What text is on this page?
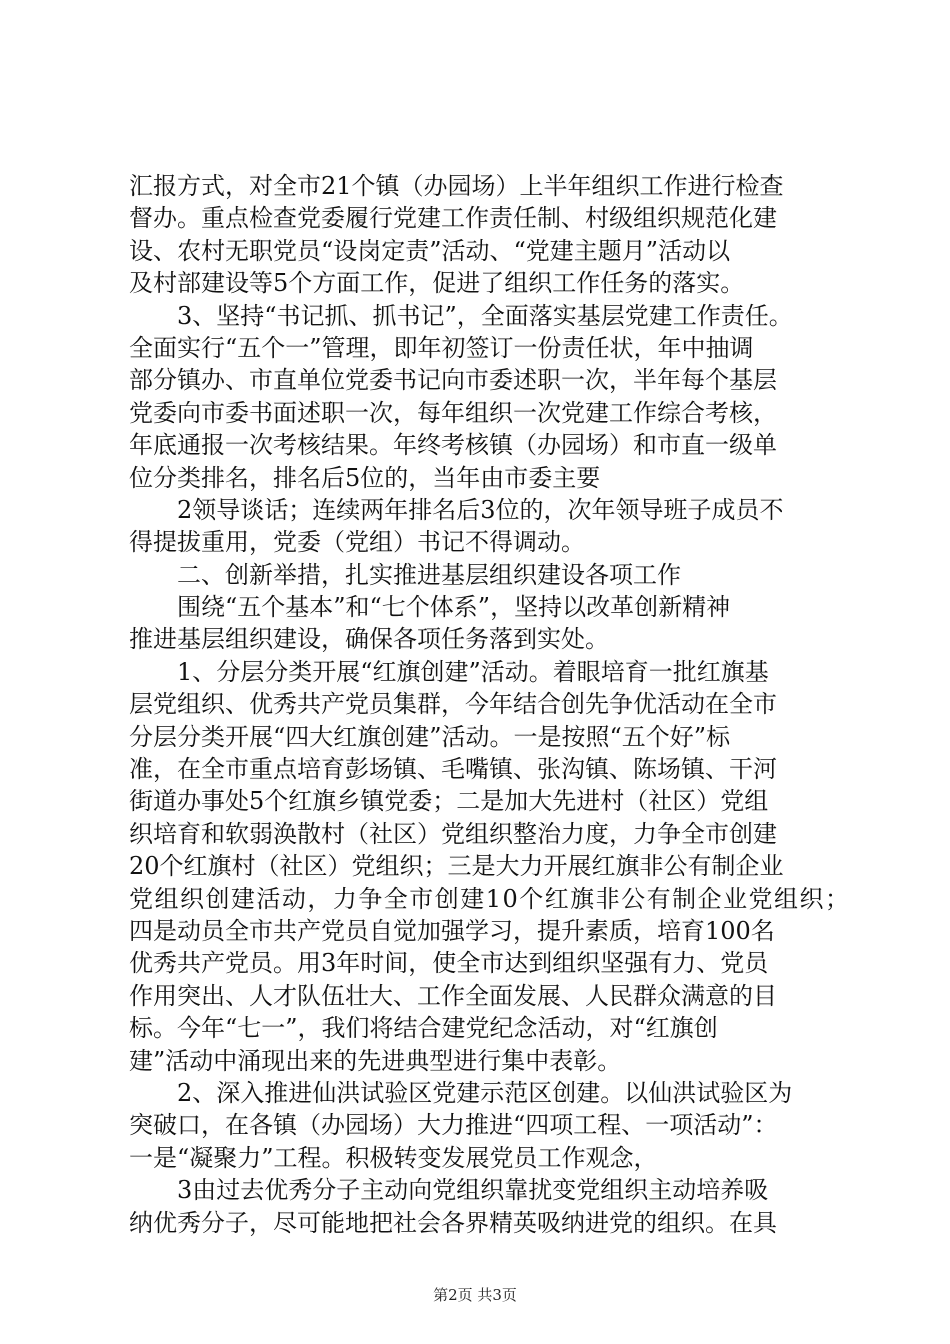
汇报方式，对全市21个镇（办园场）上半年组织工作进行检查
督办。重点检查党委履行党建工作责任制、村级组织规范化建
设、农村无职党员“设岗定责”活动、“党建主题月”活动以
及村部建设等5个方面工作，促进了组织工作任务的落实。
　　3、坚持“书记抓、抓书记”，全面落实基层党建工作责任。
全面实行“五个一”管理，即年初签订一份责任状，年中抽调
部分镇办、市直单位党委书记向市委述职一次，半年每个基层
党委向市委书面述职一次，每年组织一次党建工作综合考核，
年底通报一次考核结果。年终考核镇（办园场）和市直一级单
位分类排名，排名后5位的，当年由市委主要
　　2领导谈话；连续两年排名后3位的，次年领导班子成员不
得提拔重用，党委（党组）书记不得调动。
　　二、创新举措，扎实推进基层组织建设各项工作
　　围绕“五个基本”和“七个体系”，坚持以改革创新精神
推进基层组织建设，确保各项任务落到实处。
　　1、分层分类开展“红旗创建”活动。着眼培育一批红旗基
层党组织、优秀共产党员集群，今年结合创先争优活动在全市
分层分类开展“四大红旗创建”活动。一是按照“五个好”标
准，在全市重点培育彭场镇、毛嘴镇、张沟镇、陈场镇、干河
街道办事处5个红旗乡镇党委；二是加大先进村（社区）党组
织培育和软弱涣散村（社区）党组织整治力度，力争全市创建
20个红旗村（社区）党组织；三是大力开展红旗非公有制企业
党组织创建活动，力争全市创建10个红旗非公有制企业党组织；
四是动员全市共产党员自觉加强学习，提升素质，培育100名
优秀共产党员。用3年时间，使全市达到组织坚强有力、党员
作用突出、人才队伍壮大、工作全面发展、人民群众满意的目
标。今年“七一”，我们将结合建党纪念活动，对“红旗创
建”活动中涌现出来的先进典型进行集中表彰。
　　2、深入推进仙洪试验区党建示范区创建。以仙洪试验区为
突破口，在各镇（办园场）大力推进“四项工程、一项活动”：
一是“凝聚力”工程。积极转变发展党员工作观念，
　　3由过去优秀分子主动向党组织靠扰变党组织主动培养吸
纳优秀分子，尽可能地把社会各界精英吸纳进党的组织。在具
第2页 共3页
